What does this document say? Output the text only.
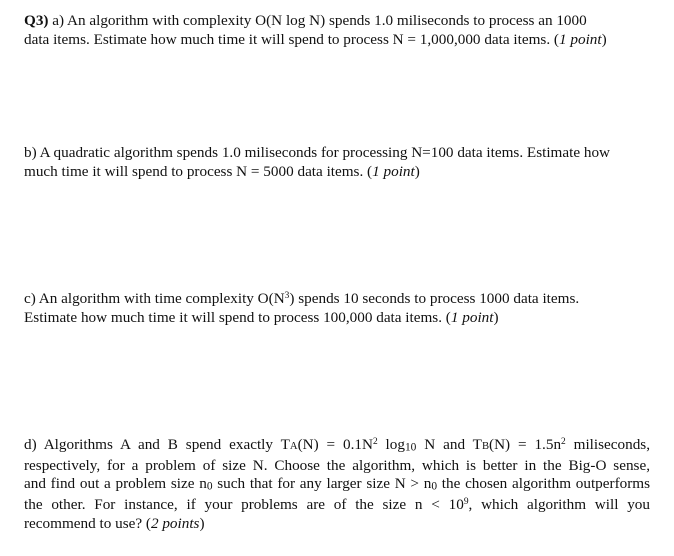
Q3) a) An algorithm with complexity O(N log N) spends 1.0 miliseconds to process an 1000
data items. Estimate how much time it will spend to process N = 1,000,000 data items. (1 point)
b) A quadratic algorithm spends 1.0 miliseconds for processing N=100 data items. Estimate how
much time it will spend to process N = 5000 data items. (1 point)
c) An algorithm with time complexity $O(N^3)$ spends 10 seconds to process 1000 data items.
Estimate how much time it will spend to process 100,000 data items. (1 point)
d) Algorithms A and B spend exactly $TA(N) = 0.1N^2$ log10 N and $TB(N) = 1.5n^2$ miliseconds,
respectively, for a problem of size N. Choose the algorithm, which is better in the Big-O sense,
and find out a problem size n0 such that for any larger size N > n0 the chosen algorithm outperforms
the other. For instance, if your problems are of the size $n < 10^9$, which algorithm will you
recommend to use? (2 points)
